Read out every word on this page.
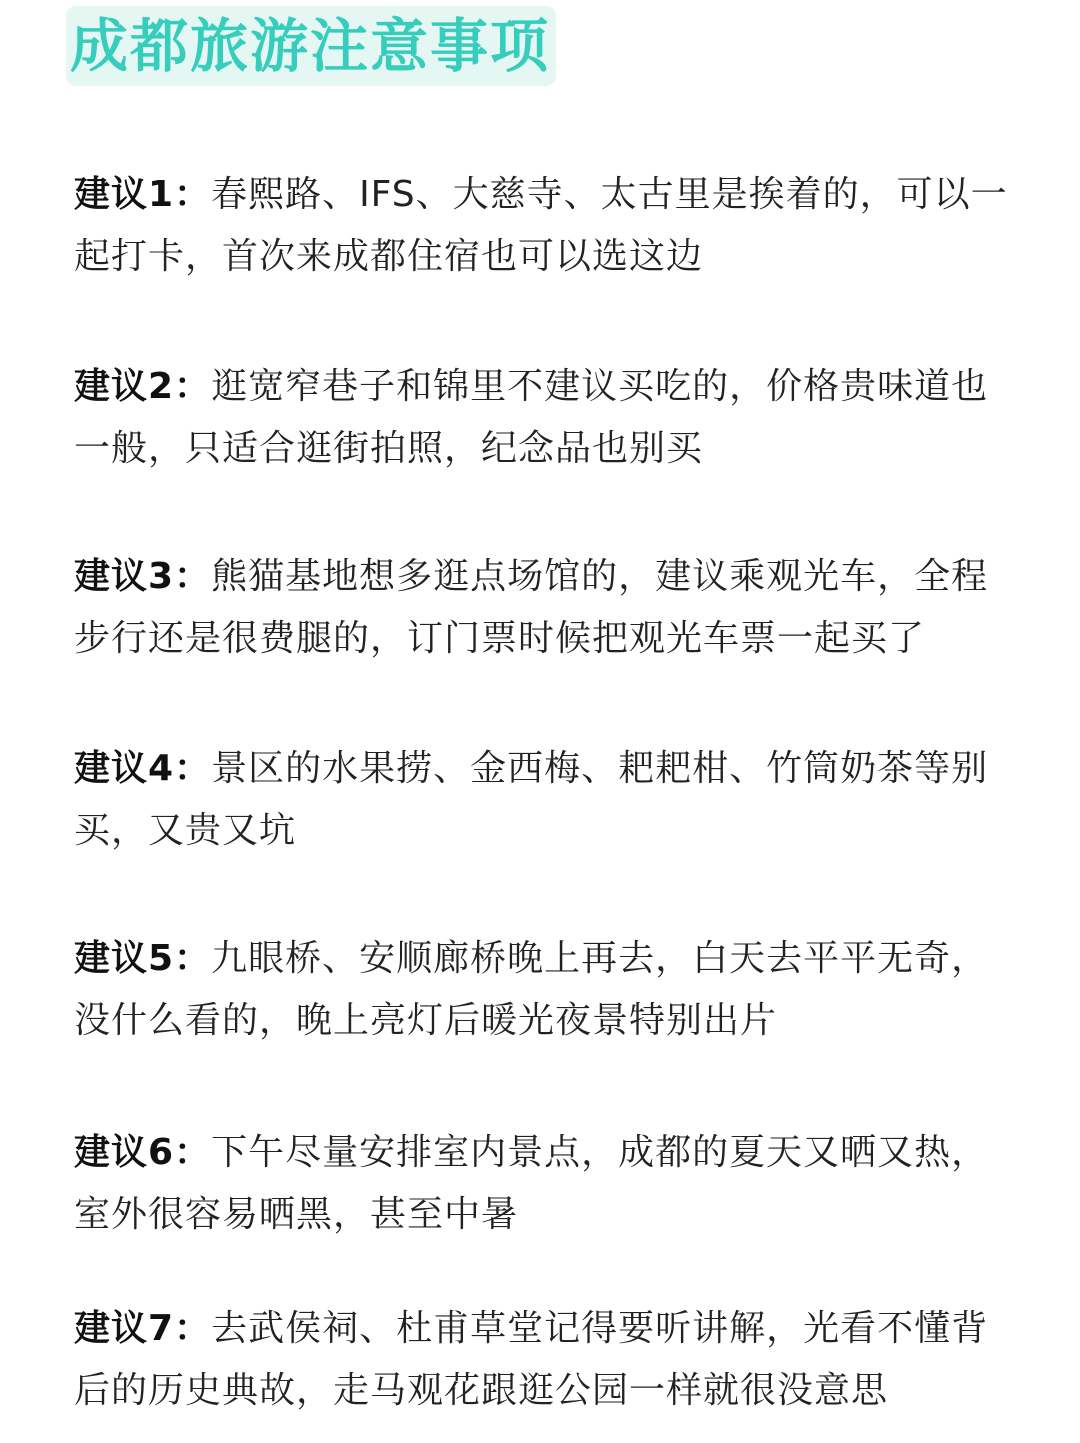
成都旅游注意事项
建议1：春熙路、IFS、大慈寺、太古里是挨着的，可以一起打卡，首次来成都住宿也可以选这边
建议2：逛宽窄巷子和锦里不建议买吃的，价格贵味道也一般，只适合逛街拍照，纪念品也别买
建议3：熊猫基地想多逛点场馆的，建议乘观光车，全程步行还是很费腿的，订门票时候把观光车票一起买了
建议4：景区的水果捞、金西梅、耙耙柑、竹筒奶茶等别买，又贵又坑
建议5：九眼桥、安顺廊桥晚上再去，白天去平平无奇，没什么看的，晚上亮灯后暖光夜景特别出片
建议6：下午尽量安排室内景点，成都的夏天又晒又热，室外很容易晒黑，甚至中暑
建议7：去武侯祠、杜甫草堂记得要听讲解，光看不懂背后的历史典故，走马观花跟逛公园一样就很没意思
